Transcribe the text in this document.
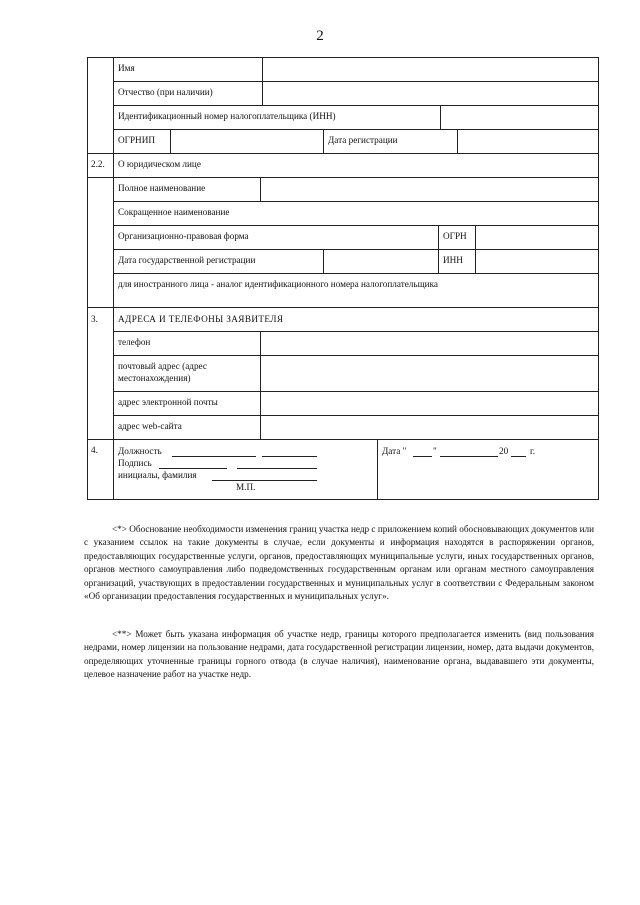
2
Имя
Отчество (при наличии)
Идентификационный номер налогоплательщика (ИНН)
ОГРНИП	Дата регистрации
2.2. О юридическом лице
Полное наименование
Сокращенное наименование
Организационно-правовая форма	ОГРН
Дата государственной регистрации	ИНН
для иностранного лица - аналог идентификационного номера налогоплательщика
3. АДРЕСА И ТЕЛЕФОНЫ ЗАЯВИТЕЛЯ
телефон
почтовый адрес (адрес
местонахождения)
адрес электронной почты
адрес web-сайта
4. Должность
Подпись
инициалы, фамилия
М.П.
Дата "	"	20 г.
<*> Обоснование необходимости изменения границ участка недр с приложением копий обосновывающих документов или с указанием ссылок на такие документы в случае, если документы и информация находятся в распоряжении органов, предоставляющих государственные услуги, органов, предоставляющих муниципальные услуги, иных государственных органов, органов местного самоуправления либо подведомственных государственным органам или органам местного самоуправления организаций, участвующих в предоставлении государственных и муниципальных услуг в соответствии с Федеральным законом «Об организации предоставления государственных и муниципальных услуг».
<**> Может быть указана информация об участке недр, границы которого предполагается изменить (вид пользования недрами, номер лицензии на пользование недрами, дата государственной регистрации лицензии, номер, дата выдачи документов, определяющих уточненные границы горного отвода (в случае наличия), наименование органа, выдававшего эти документы, целевое назначение работ на участке недр.
